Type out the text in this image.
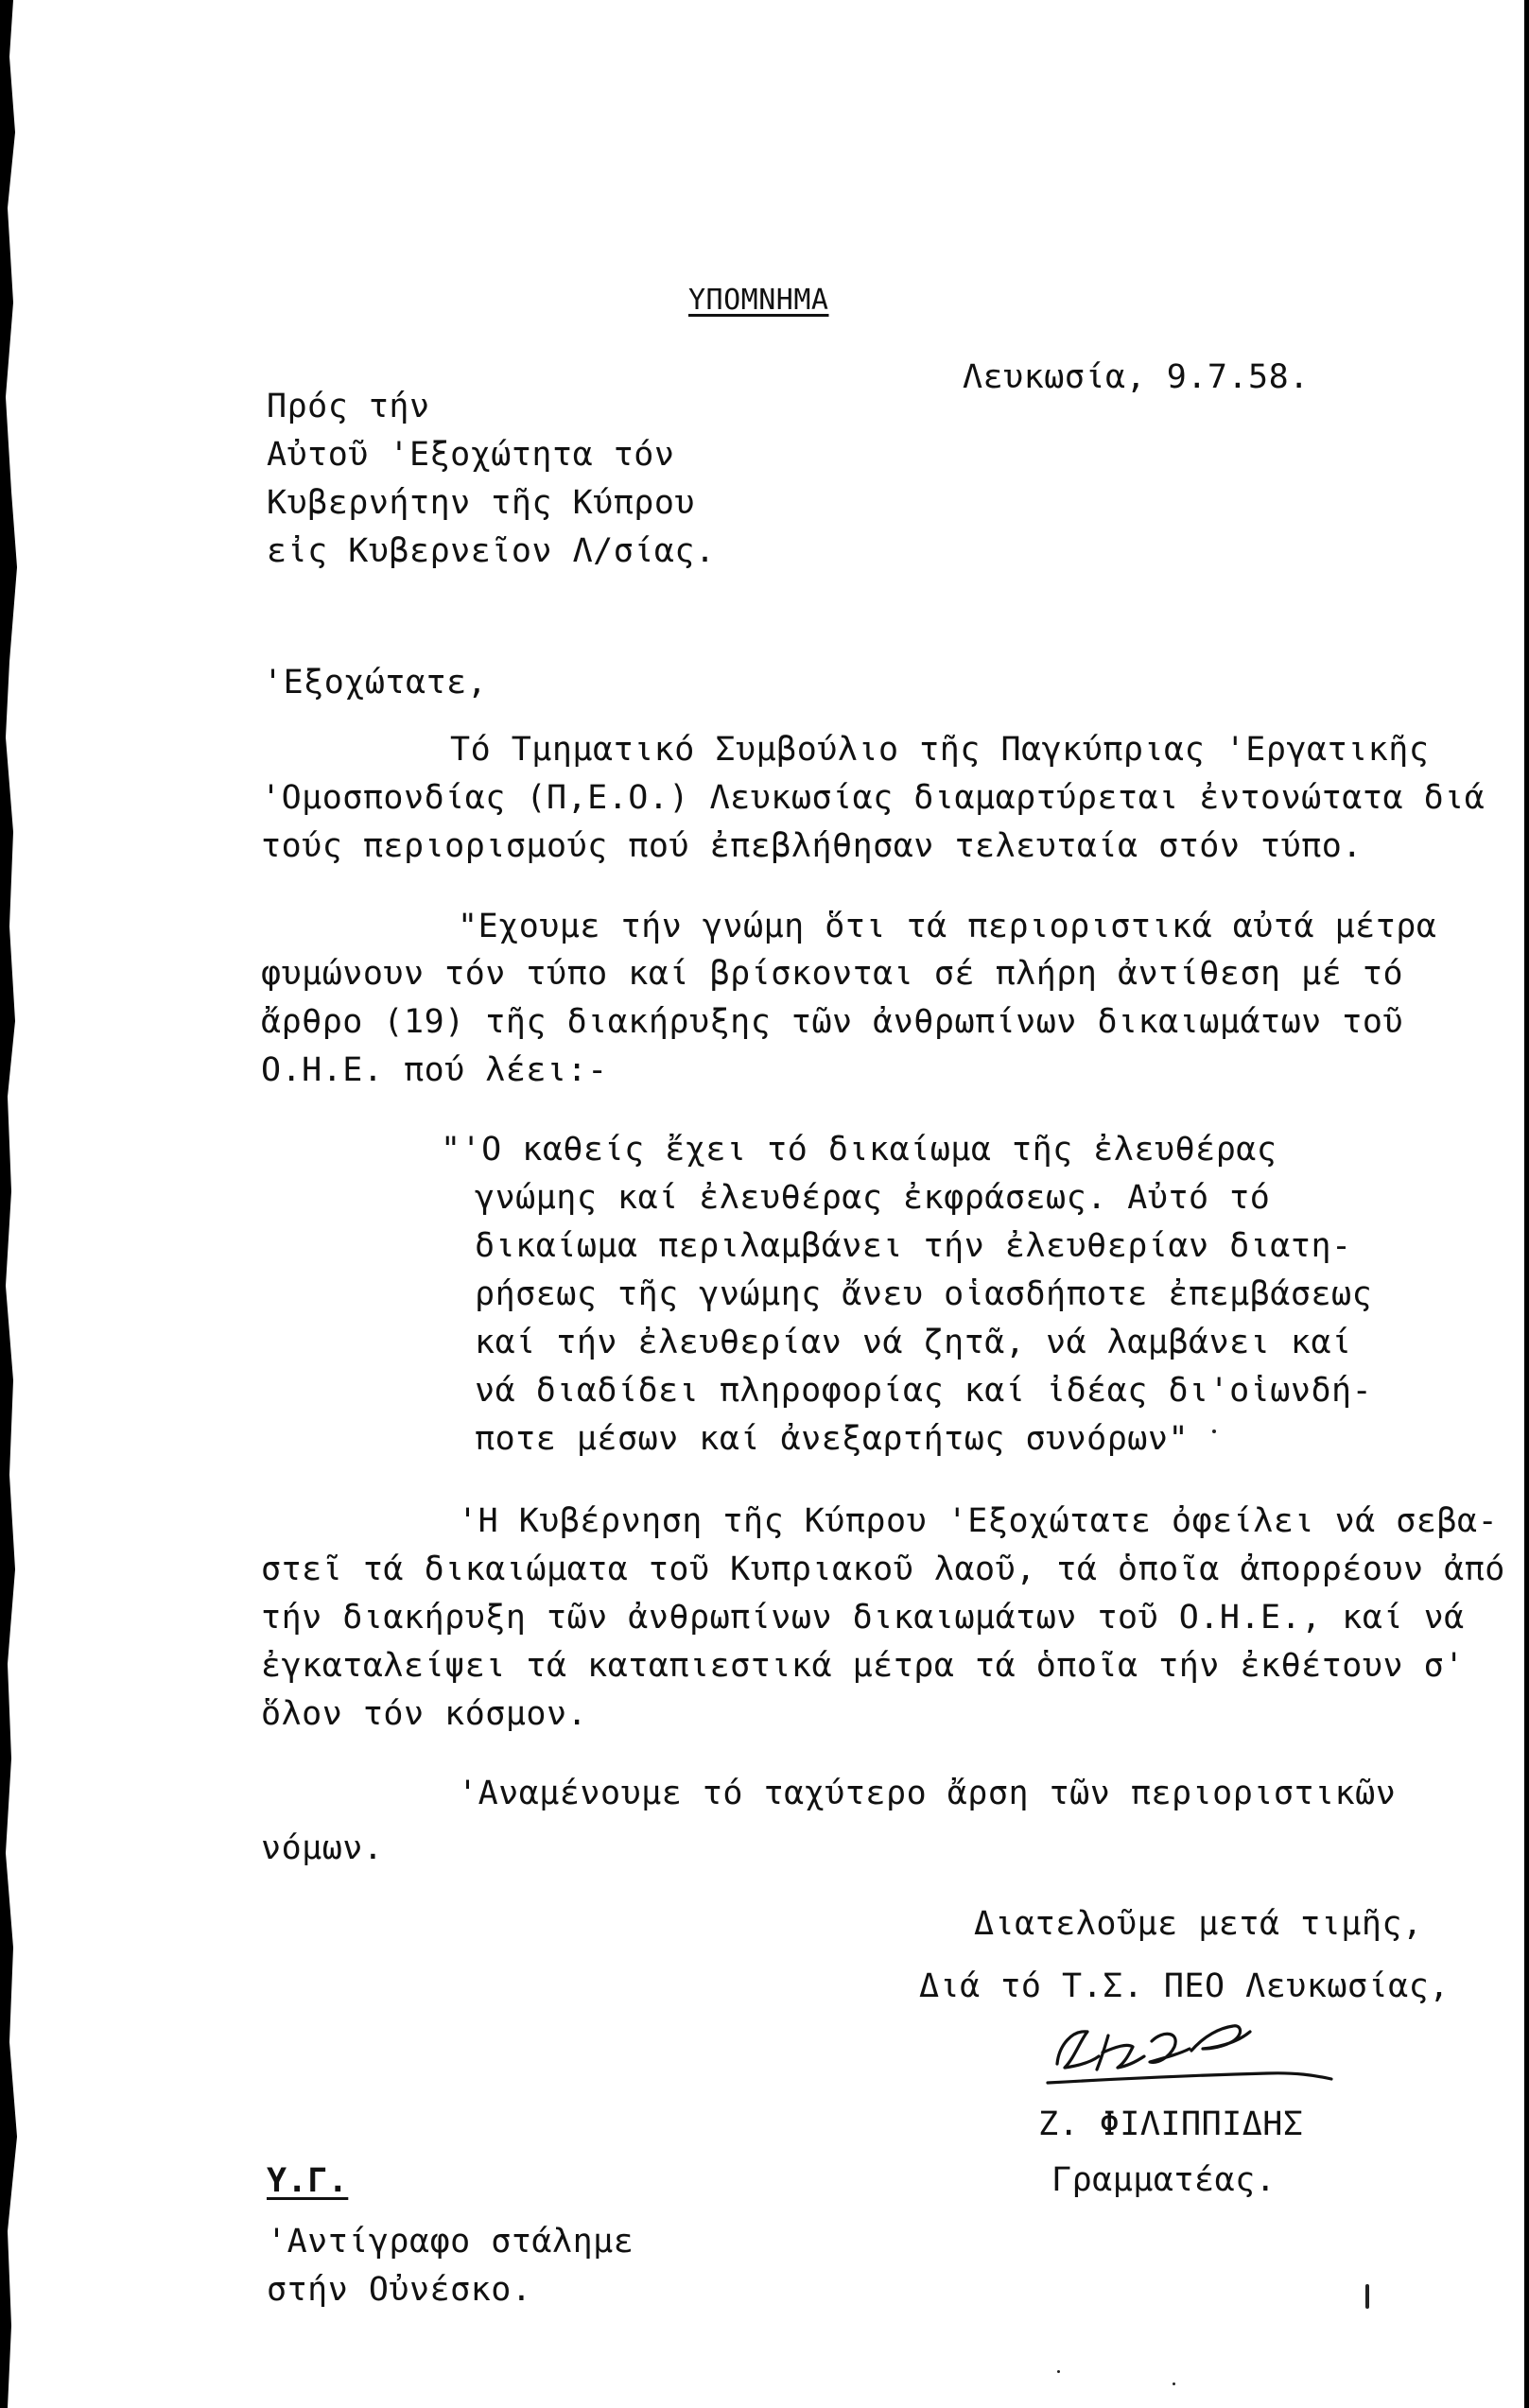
ΥΠΟΜΝΗΜΑ
Λευκωσία, 9.7.58.
Πρός τήν
Αὐτοῦ 'Εξοχώτητα τόν
Κυβερνήτην τῆς Κύπρου
εἰς Κυβερνεῖον Λ/σίας.
'Εξοχώτατε,
Τό Τμηματικό Συμβούλιο τῆς Παγκύπριας 'Εργατικῆς
'Ομοσπονδίας (Π,Ε.Ο.) Λευκωσίας διαμαρτύρεται ἐντονώτατα διά
τούς περιορισμούς πού ἐπεβλήθησαν τελευταία στόν τύπο.
"Εχουμε τήν γνώμη ὅτι τά περιοριστικά αὐτά μέτρα
φυμώνουν τόν τύπο καί βρίσκονται σέ πλήρη ἀντίθεση μέ τό
ἄρθρο (19) τῆς διακήρυξης τῶν ἀνθρωπίνων δικαιωμάτων τοῦ
Ο.Η.Ε. πού λέει:-
"'Ο καθείς ἔχει τό δικαίωμα τῆς ἐλευθέρας
γνώμης καί ἐλευθέρας ἐκφράσεως. Αὐτό τό
δικαίωμα περιλαμβάνει τήν ἐλευθερίαν διατη-
ρήσεως τῆς γνώμης ἄνευ οἱασδήποτε ἐπεμβάσεως
καί τήν ἐλευθερίαν νά ζητᾶ, νά λαμβάνει καί
νά διαδίδει πληροφορίας καί ἰδέας δι'οἱωνδή-
ποτε μέσων καί ἀνεξαρτήτως συνόρων"
'Η Κυβέρνηση τῆς Κύπρου 'Εξοχώτατε ὀφείλει νά σεβα-
στεῖ τά δικαιώματα τοῦ Κυπριακοῦ λαοῦ, τά ὁποῖα ἀπορρέουν ἀπό
τήν διακήρυξη τῶν ἀνθρωπίνων δικαιωμάτων τοῦ Ο.Η.Ε., καί νά
ἐγκαταλείψει τά καταπιεστικά μέτρα τά ὁποῖα τήν ἐκθέτουν σ'
ὅλον τόν κόσμον.
'Αναμένουμε τό ταχύτερο ἄρση τῶν περιοριστικῶν
νόμων.
Διατελοῦμε μετά τιμῆς,
Διά τό Τ.Σ. ΠΕΟ Λευκωσίας,
Ζ. ΦΙΛΙΠΠΙΔΗΣ
Γραμματέας.
Υ.Γ.
'Αντίγραφο στάλημε
στήν Οὐνέσκο.
